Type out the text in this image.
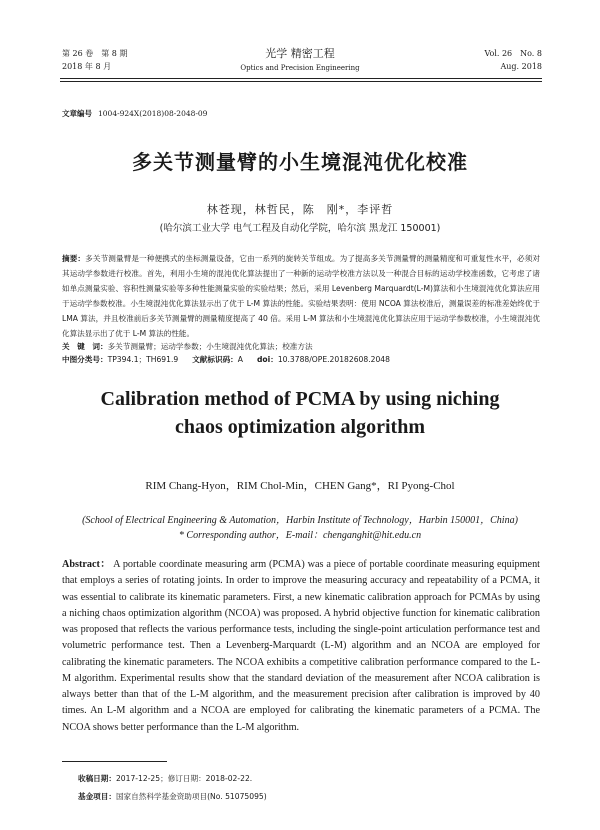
第 26 卷　第 8 期
2018 年 8 月
光学 精密工程
Optics and Precision Engineering
Vol. 26　No. 8
Aug. 2018
文章编号 1004-924X(2018)08-2048-09
多关节测量臂的小生境混沌优化校准
林苍现，林哲民，陈　刚*，李评哲
(哈尔滨工业大学 电气工程及自动化学院，哈尔滨 黑龙江 150001)
摘要：多关节测量臂是一种便携式的坐标测量设备，它由一系列的旋转关节组成。为了提高多关节测量臂的测量精度和可重复性水平，必须对其运动学参数进行校准。首先，利用小生境的混沌优化算法提出了一种新的运动学校准方法以及一种混合目标的运动学校准函数，它考虑了诸如单点测量实验、容积性测量实验等多种性能测量实验的实验结果；然后，采用 Levenberg Marquardt(L-M)算法和小生境混沌优化算法应用于运动学参数校准。小生境混沌优化算法显示出了优于 L-M 算法的性能。实验结果表明：使用 NCOA 算法校准后，测量误差的标准差始终优于 LMA 算法，并且校准前后多关节测量臂的测量精度提高了 40 倍。采用 L-M 算法和小生境混沌优化算法应用于运动学参数校准，小生境混沌优化算法显示出了优于 L-M 算法的性能。
关　键　词：多关节测量臂；运动学参数；小生境混沌优化算法；校准方法
中图分类号：TP394.1；TH691.9 文献标识码：A doi：10.3788/OPE.20182608.2048
Calibration method of PCMA by using niching
chaos optimization algorithm
RIM Chang-Hyon，RIM Chol-Min，CHEN Gang*，RI Pyong-Chol
(School of Electrical Engineering & Automation，Harbin Institute of Technology，Harbin 150001，China)
* Corresponding author，E-mail：chenganghit@hit.edu.cn
Abstract： A portable coordinate measuring arm (PCMA) was a piece of portable coordinate measuring equipment that employs a series of rotating joints. In order to improve the measuring accuracy and repeatability of a PCMA, it was essential to calibrate its kinematic parameters. First, a new kinematic calibration approach for PCMAs by using a niching chaos optimization algorithm (NCOA) was proposed. A hybrid objective function for kinematic calibration was proposed that reflects the various performance tests, including the single-point articulation performance test and volumetric performance test. Then a Levenberg-Marquardt (L-M) algorithm and an NCOA are employed for calibrating the kinematic parameters. The NCOA exhibits a competitive calibration performance compared to the L-M algorithm. Experimental results show that the standard deviation of the measurement after NCOA calibration is always better than that of the L-M algorithm, and the measurement precision after calibration is improved by 40 times. An L-M algorithm and a NCOA are employed for calibrating the kinematic parameters of a PCMA. The NCOA shows better performance than the L-M algorithm.
收稿日期：2017-12-25；修订日期：2018-02-22.
基金项目：国家自然科学基金资助项目(No. 51075095)
